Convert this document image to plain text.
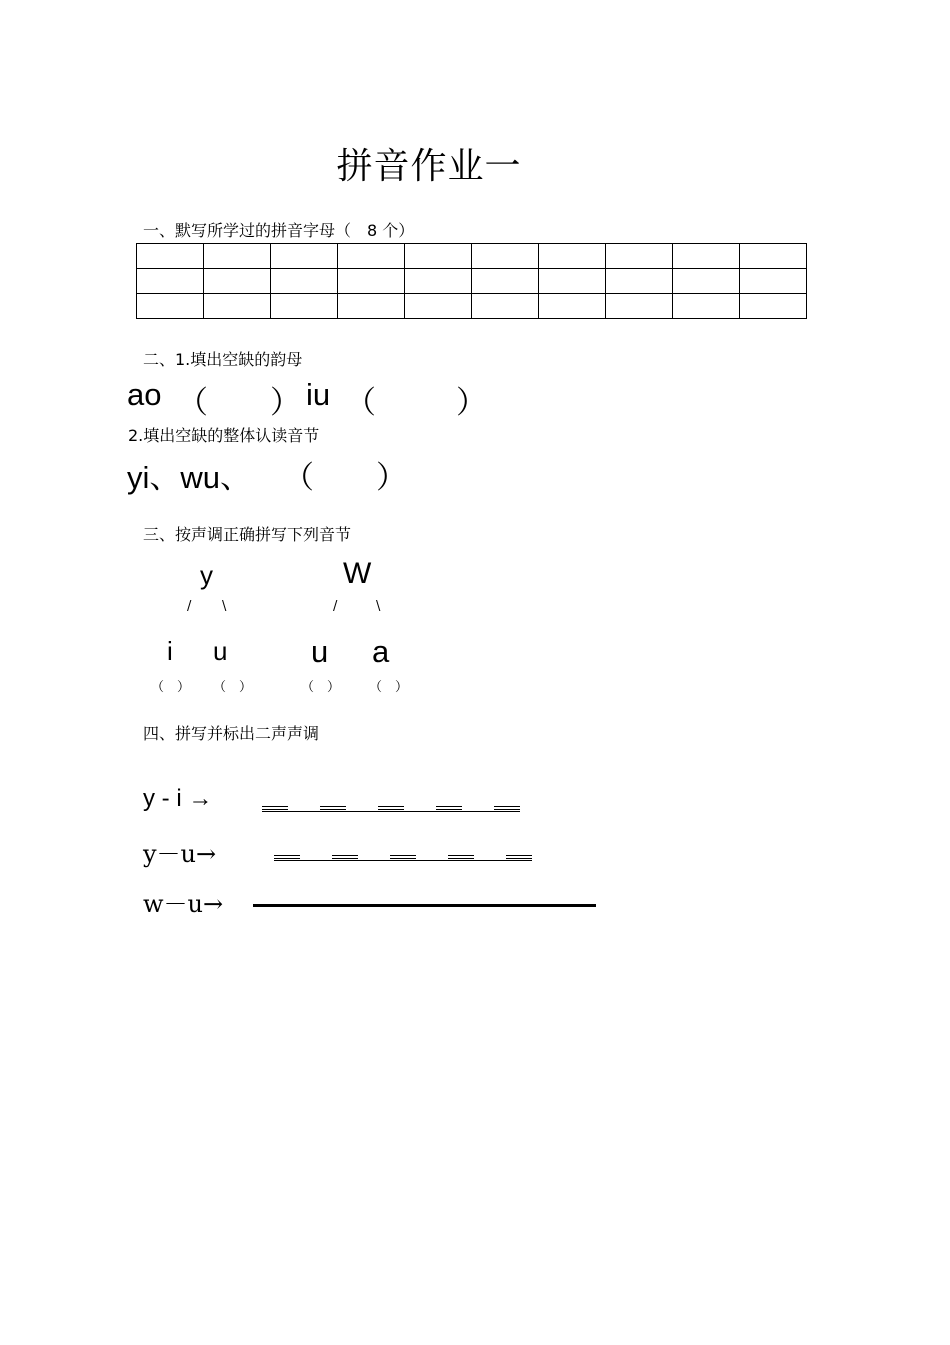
拼音作业一
一、默写所学过的拼音字母（　8 个）

二、1.填出空缺的韵母
ao （　　） iu （　　）
2.填出空缺的整体认读音节
yi、wu、 （　　）
三、按声调正确拼写下列音节
y
/ \
i u
（　） （　）
W
/	\
u a
（　） （　）
四、拼写并标出二声声调
y - i →
y－u→
w－u→
